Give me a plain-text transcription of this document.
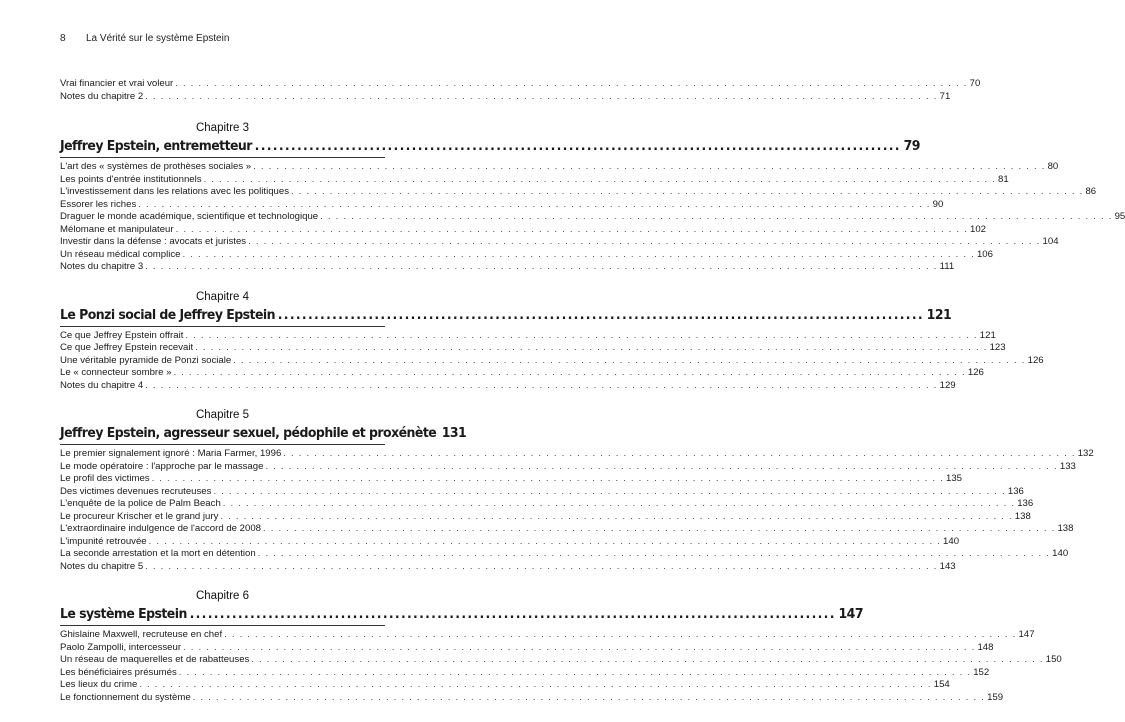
8 La Vérité sur le système Epstein
Vrai financier et vrai voleur . . .	70
Notes du chapitre 2 . . .	71
Chapitre 3
Jeffrey Epstein, entremetteur .....	79
L'art des « systèmes de prothèses sociales » . . .	80
Les points d'entrée institutionnels . . .	81
L'investissement dans les relations avec les politiques . . .	86
Essorer les riches . . .	90
Draguer le monde académique, scientifique et technologique . . .	95
Mélomane et manipulateur . . .	102
Investir dans la défense : avocats et juristes . . .	104
Un réseau médical complice . . .	106
Notes du chapitre 3 . . .	111
Chapitre 4
Le Ponzi social de Jeffrey Epstein .....	121
Ce que Jeffrey Epstein offrait . . .	121
Ce que Jeffrey Epstein recevait . . .	123
Une véritable pyramide de Ponzi sociale . . .	126
Le « connecteur sombre » . . .	126
Notes du chapitre 4 . . .	129
Chapitre 5
Jeffrey Epstein, agresseur sexuel, pédophile et proxénète 131
Le premier signalement ignoré : Maria Farmer, 1996 . . .	132
Le mode opératoire : l'approche par le massage . . .	133
Le profil des victimes . . .	135
Des victimes devenues recruteuses . . .	136
L'enquête de la police de Palm Beach . . .	136
Le procureur Krischer et le grand jury . . .	138
L'extraordinaire indulgence de l'accord de 2008 . . .	138
L'impunité retrouvée . . .	140
La seconde arrestation et la mort en détention . . .	140
Notes du chapitre 5 . . .	143
Chapitre 6
Le système Epstein .....	147
Ghislaine Maxwell, recruteuse en chef . . .	147
Paolo Zampolli, intercesseur . . .	148
Un réseau de maquerelles et de rabatteuses . . .	150
Les bénéficiaires présumés . . .	152
Les lieux du crime . . .	154
Le fonctionnement du système . . .	159
